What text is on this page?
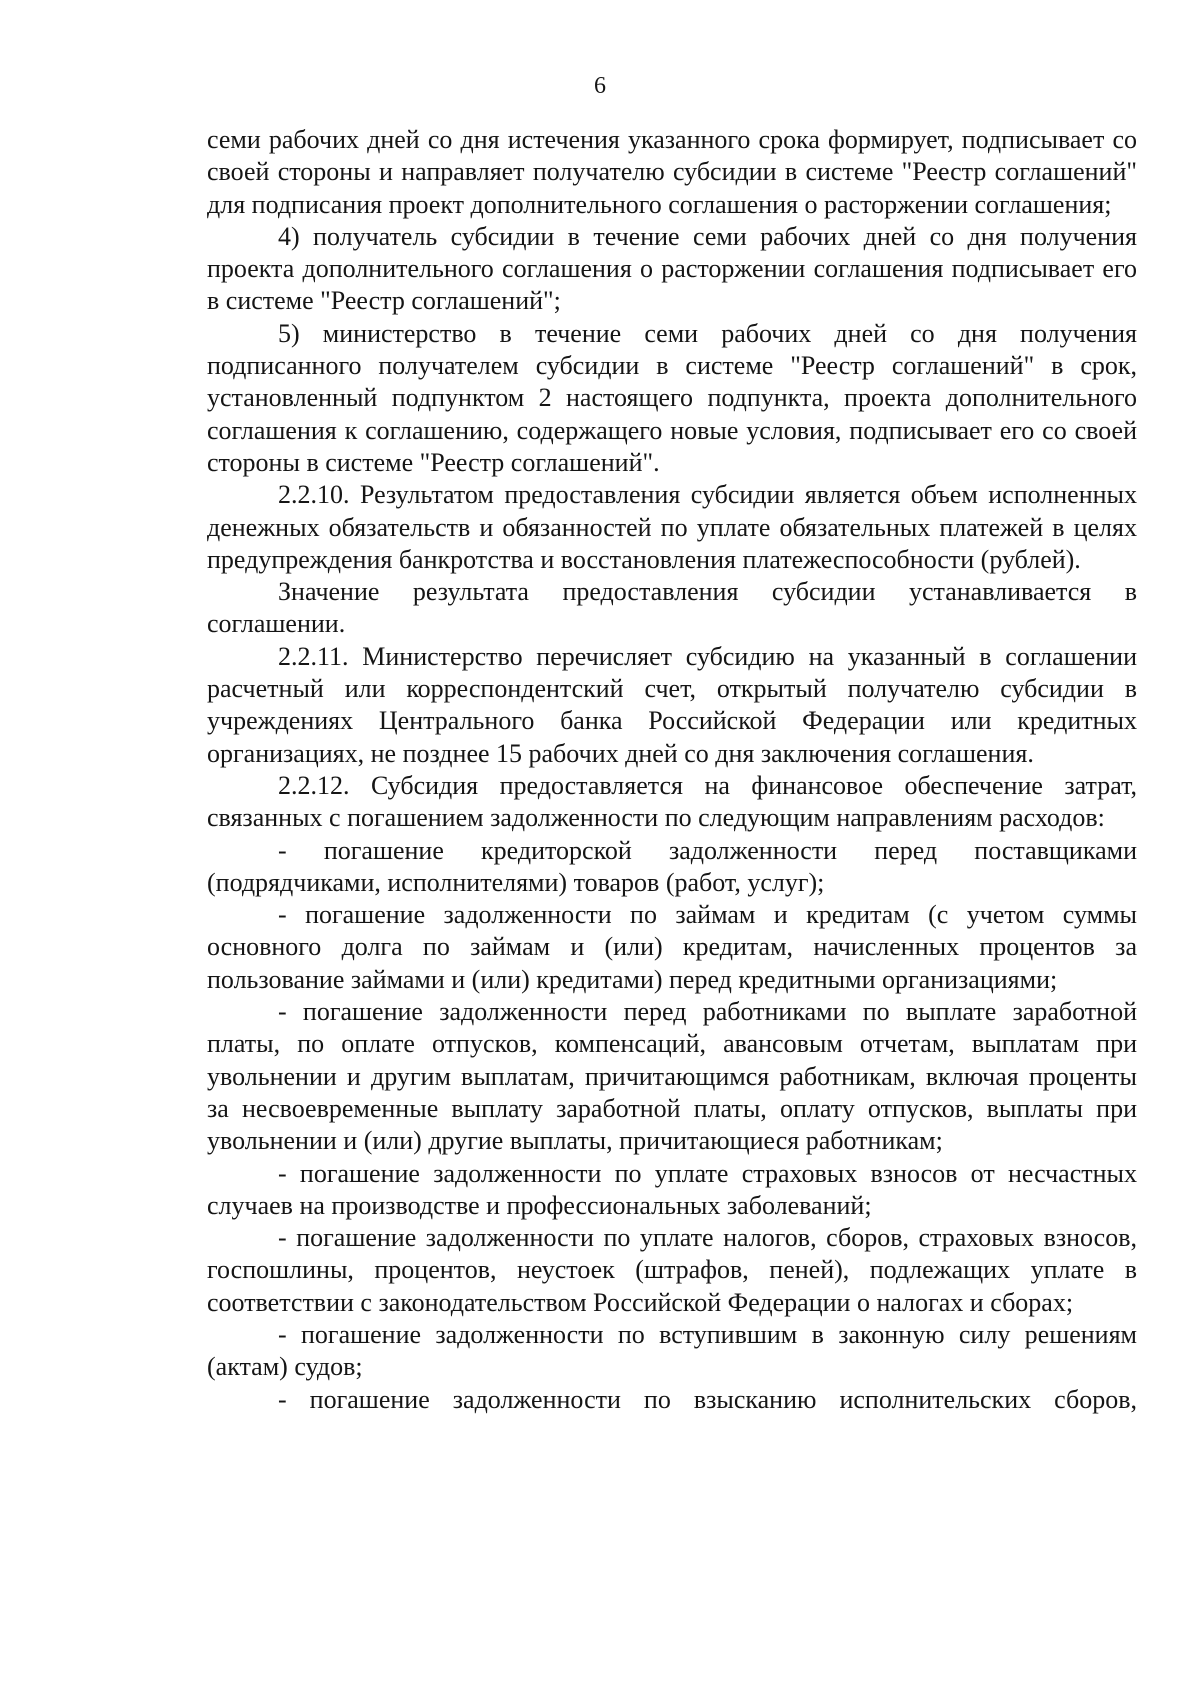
6

семи рабочих дней со дня истечения указанного срока формирует, подписывает со своей стороны и направляет получателю субсидии в системе "Реестр соглашений" для подписания проект дополнительного соглашения о расторжении соглашения;

4) получатель субсидии в течение семи рабочих дней со дня получения проекта дополнительного соглашения о расторжении соглашения подписывает его в системе "Реестр соглашений";

5) министерство в течение семи рабочих дней со дня получения подписанного получателем субсидии в системе "Реестр соглашений" в срок, установленный подпунктом 2 настоящего подпункта, проекта дополнительного соглашения к соглашению, содержащего новые условия, подписывает его со своей стороны в системе "Реестр соглашений".

2.2.10. Результатом предоставления субсидии является объем исполненных денежных обязательств и обязанностей по уплате обязательных платежей в целях предупреждения банкротства и восстановления платежеспособности (рублей).

Значение результата предоставления субсидии устанавливается в соглашении.

2.2.11. Министерство перечисляет субсидию на указанный в соглашении расчетный или корреспондентский счет, открытый получателю субсидии в учреждениях Центрального банка Российской Федерации или кредитных организациях, не позднее 15 рабочих дней со дня заключения соглашения.

2.2.12. Субсидия предоставляется на финансовое обеспечение затрат, связанных с погашением задолженности по следующим направлениям расходов:

- погашение кредиторской задолженности перед поставщиками (подрядчиками, исполнителями) товаров (работ, услуг);

- погашение задолженности по займам и кредитам (с учетом суммы основного долга по займам и (или) кредитам, начисленных процентов за пользование займами и (или) кредитами) перед кредитными организациями;

- погашение задолженности перед работниками по выплате заработной платы, по оплате отпусков, компенсаций, авансовым отчетам, выплатам при увольнении и другим выплатам, причитающимся работникам, включая проценты за несвоевременные выплату заработной платы, оплату отпусков, выплаты при увольнении и (или) другие выплаты, причитающиеся работникам;

- погашение задолженности по уплате страховых взносов от несчастных случаев на производстве и профессиональных заболеваний;

- погашение задолженности по уплате налогов, сборов, страховых взносов, госпошлины, процентов, неустоек (штрафов, пеней), подлежащих уплате в соответствии с законодательством Российской Федерации о налогах и сборах;

- погашение задолженности по вступившим в законную силу решениям (актам) судов;

- погашение задолженности по взысканию исполнительских сборов,
